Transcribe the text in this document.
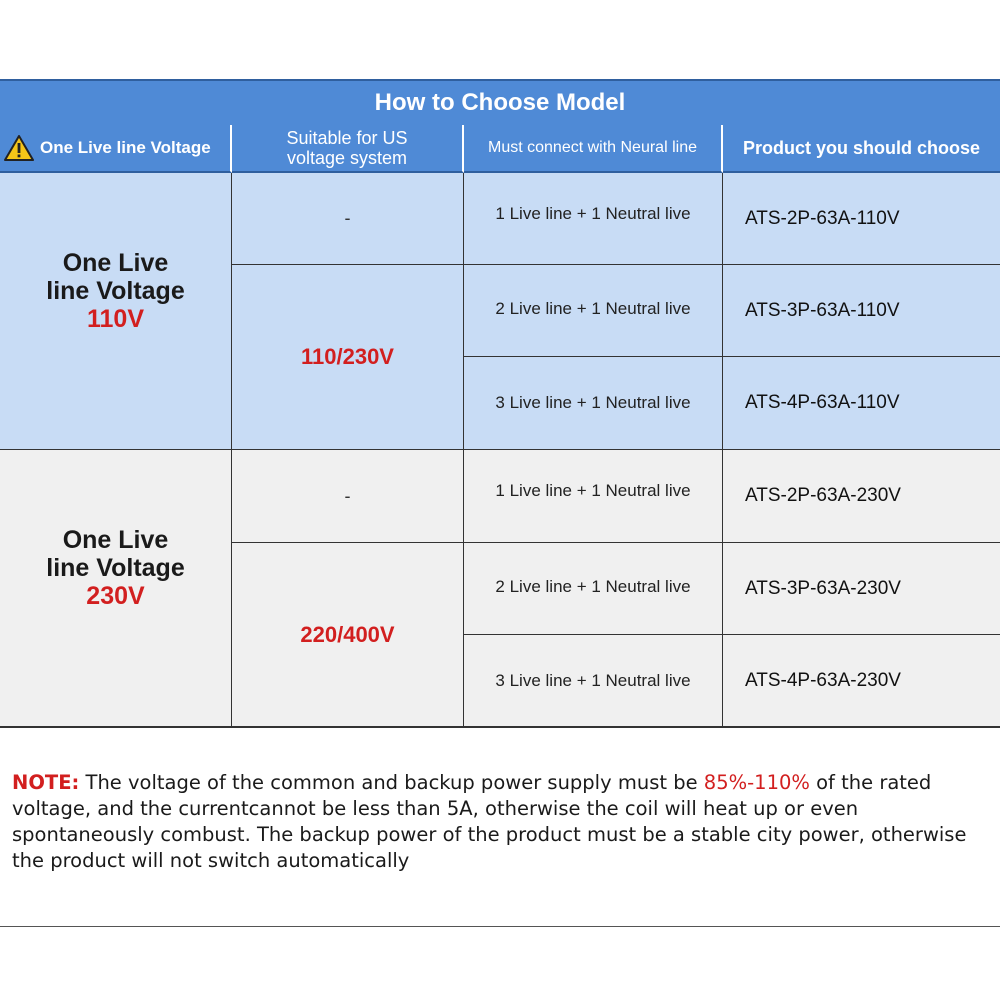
How to Choose Model
One Live line Voltage	Suitable for US
voltage system
Must connect with Neural line	Product you should choose
One Live
line Voltage
110V
-
110/230V
1 Live line + 1 Neutral live
2 Live line + 1 Neutral live
3 Live line + 1 Neutral live
ATS-2P-63A-110V
ATS-3P-63A-110V
ATS-4P-63A-110V
One Live
line Voltage
230V
-
220/400V
1 Live line + 1 Neutral live
2 Live line + 1 Neutral live
3 Live line + 1 Neutral live
ATS-2P-63A-230V
ATS-3P-63A-230V
ATS-4P-63A-230V
NOTE: The voltage of the common and backup power supply must be 85%-110% of the rated voltage, and the currentcannot be less than 5A, otherwise the coil will heat up or even spontaneously combust. The backup power of the product must be a stable city power, otherwise the product will not switch automatically
